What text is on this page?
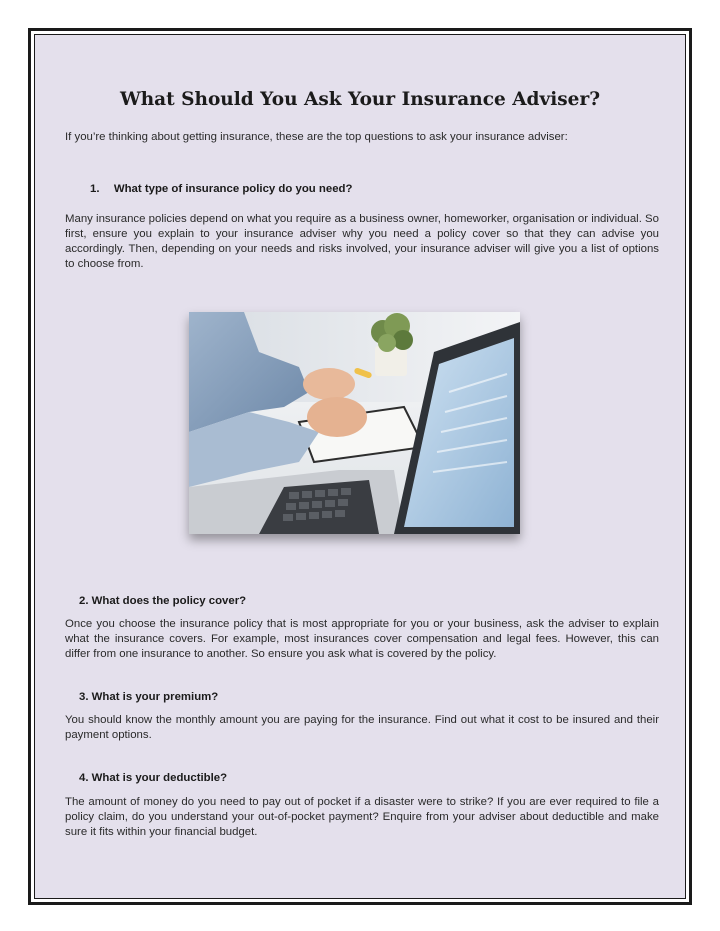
What Should You Ask Your Insurance Adviser?

If you’re thinking about getting insurance, these are the top questions to ask your insurance adviser:

1. What type of insurance policy do you need?

Many insurance policies depend on what you require as a business owner, homeworker, organisation or individual. So first, ensure you explain to your insurance adviser why you need a policy cover so that they can advise you accordingly. Then, depending on your needs and risks involved, your insurance adviser will give you a list of options to choose from.

2. What does the policy cover?

Once you choose the insurance policy that is most appropriate for you or your business, ask the adviser to explain what the insurance covers. For example, most insurances cover compensation and legal fees. However, this can differ from one insurance to another. So ensure you ask what is covered by the policy.

3. What is your premium?

You should know the monthly amount you are paying for the insurance. Find out what it cost to be insured and their payment options.

4. What is your deductible?

The amount of money do you need to pay out of pocket if a disaster were to strike? If you are ever required to file a policy claim, do you understand your out-of-pocket payment? Enquire from your adviser about deductible and make sure it fits within your financial budget.
